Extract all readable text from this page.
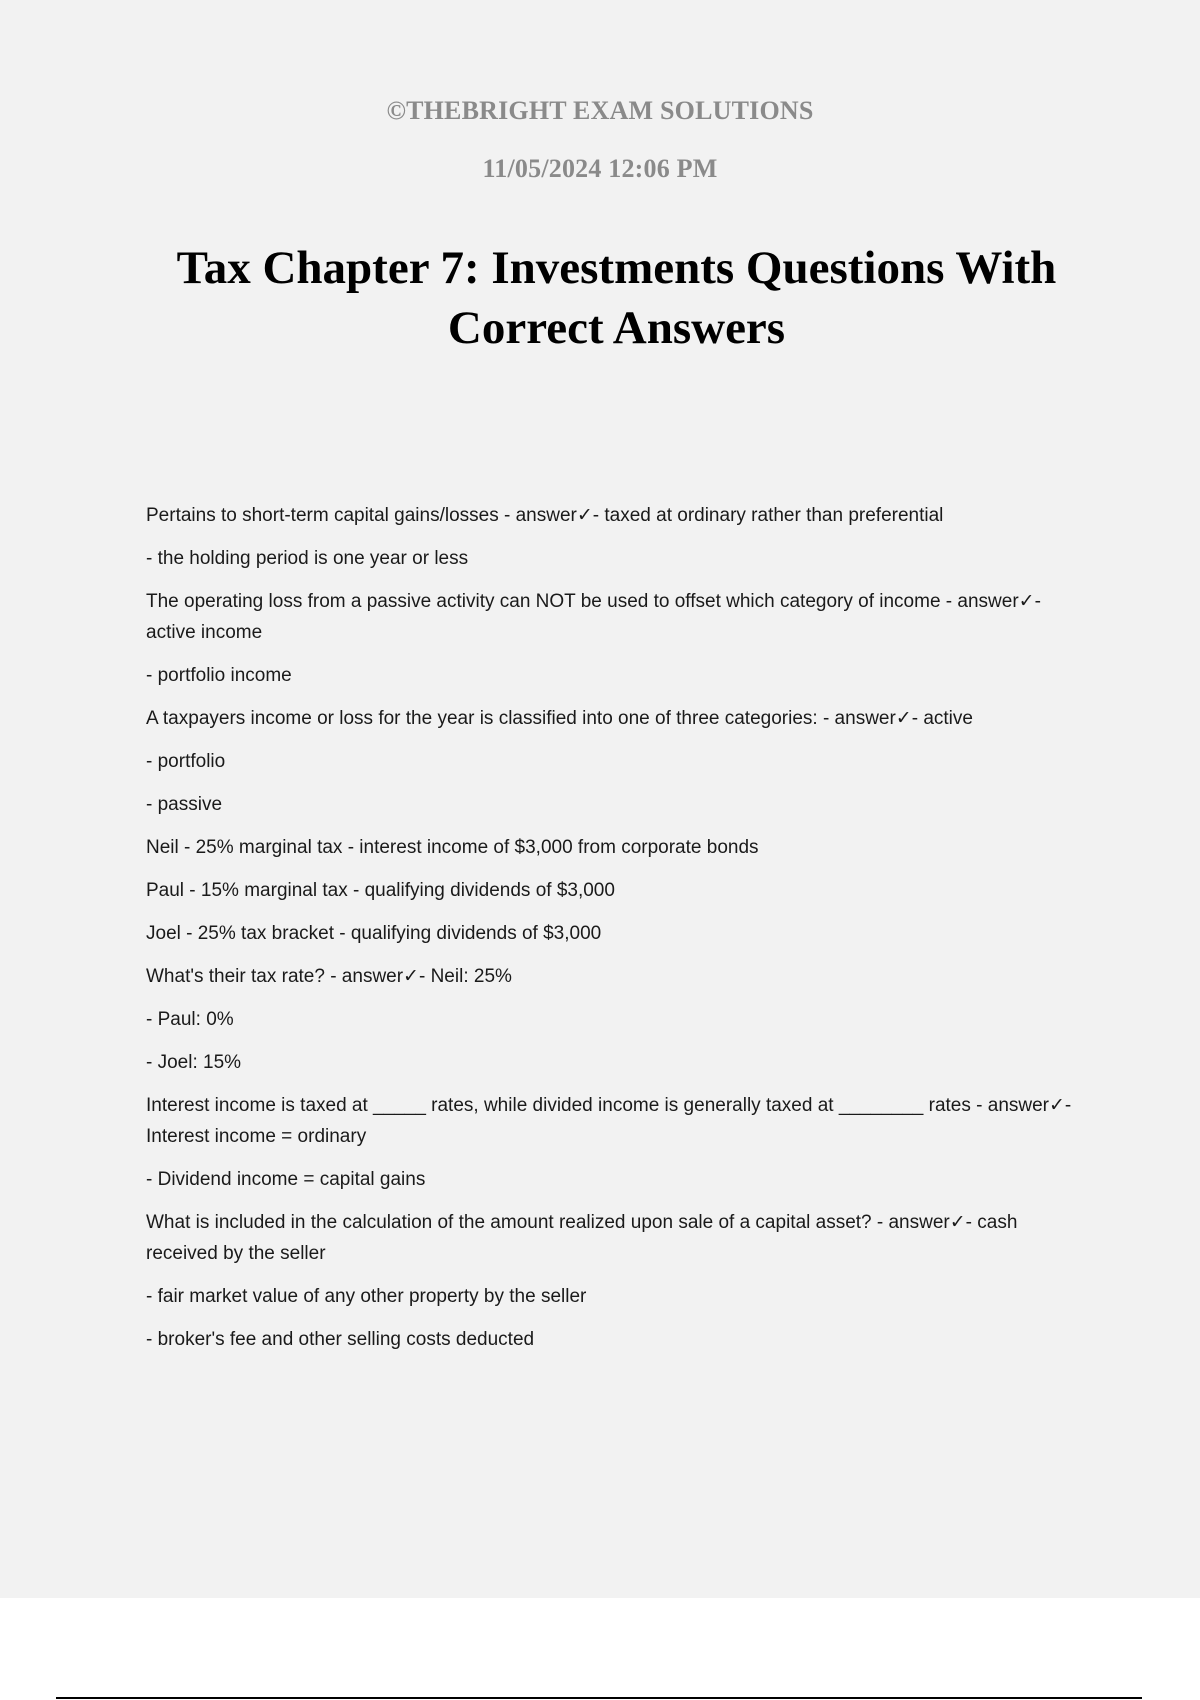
©THEBRIGHT EXAM SOLUTIONS
11/05/2024 12:06 PM
Tax Chapter 7: Investments Questions With Correct Answers

Pertains to short-term capital gains/losses - answer✓- taxed at ordinary rather than preferential

- the holding period is one year or less

The operating loss from a passive activity can NOT be used to offset which category of income - answer✓- active income

- portfolio income

A taxpayers income or loss for the year is classified into one of three categories: - answer✓- active

- portfolio

- passive

Neil - 25% marginal tax - interest income of $3,000 from corporate bonds

Paul - 15% marginal tax - qualifying dividends of $3,000

Joel - 25% tax bracket - qualifying dividends of $3,000

What's their tax rate? - answer✓- Neil: 25%

- Paul: 0%

- Joel: 15%

Interest income is taxed at _____ rates, while divided income is generally taxed at ________ rates - answer✓- Interest income = ordinary

- Dividend income = capital gains

What is included in the calculation of the amount realized upon sale of a capital asset? - answer✓- cash received by the seller

- fair market value of any other property by the seller

- broker's fee and other selling costs deducted
